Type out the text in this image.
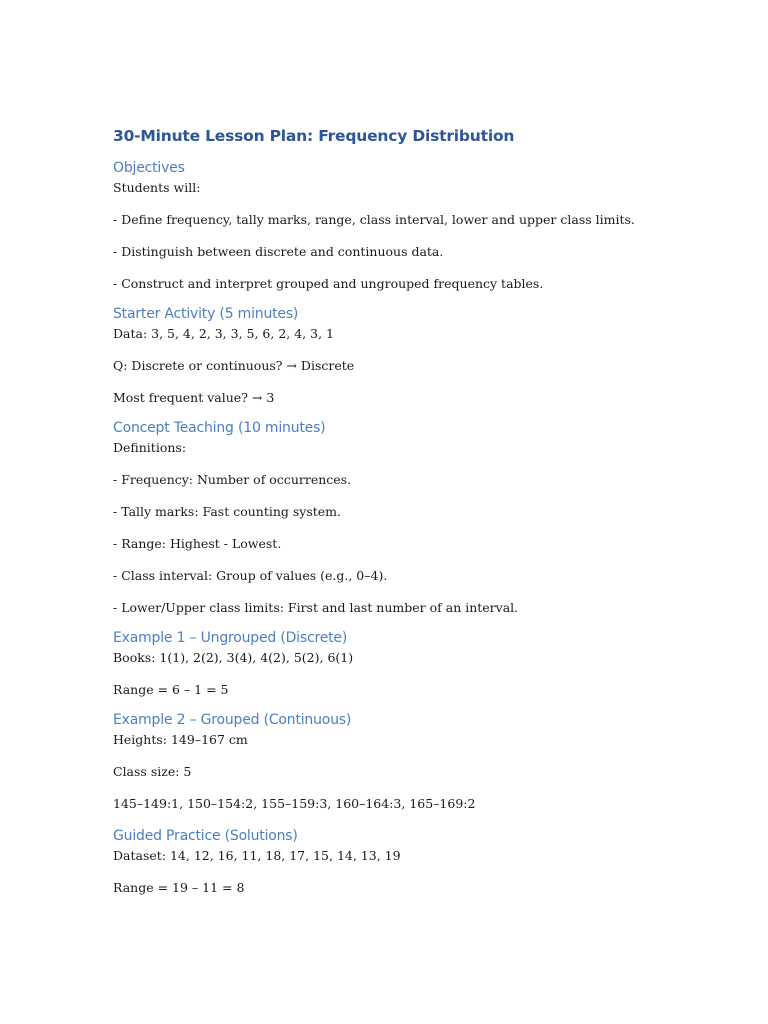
30-Minute Lesson Plan: Frequency Distribution
Objectives

Students will:

- Define frequency, tally marks, range, class interval, lower and upper class limits.

- Distinguish between discrete and continuous data.

- Construct and interpret grouped and ungrouped frequency tables.

Starter Activity (5 minutes)

Data: 3, 5, 4, 2, 3, 3, 5, 6, 2, 4, 3, 1

Q: Discrete or continuous? → Discrete

Most frequent value? → 3

Concept Teaching (10 minutes)

Definitions:

- Frequency: Number of occurrences.

- Tally marks: Fast counting system.

- Range: Highest - Lowest.

- Class interval: Group of values (e.g., 0–4).

- Lower/Upper class limits: First and last number of an interval.

Example 1 – Ungrouped (Discrete)

Books: 1(1), 2(2), 3(4), 4(2), 5(2), 6(1)

Range = 6 – 1 = 5

Example 2 – Grouped (Continuous)

Heights: 149–167 cm

Class size: 5

145–149:1, 150–154:2, 155–159:3, 160–164:3, 165–169:2

Guided Practice (Solutions)

Dataset: 14, 12, 16, 11, 18, 17, 15, 14, 13, 19

Range = 19 – 11 = 8
